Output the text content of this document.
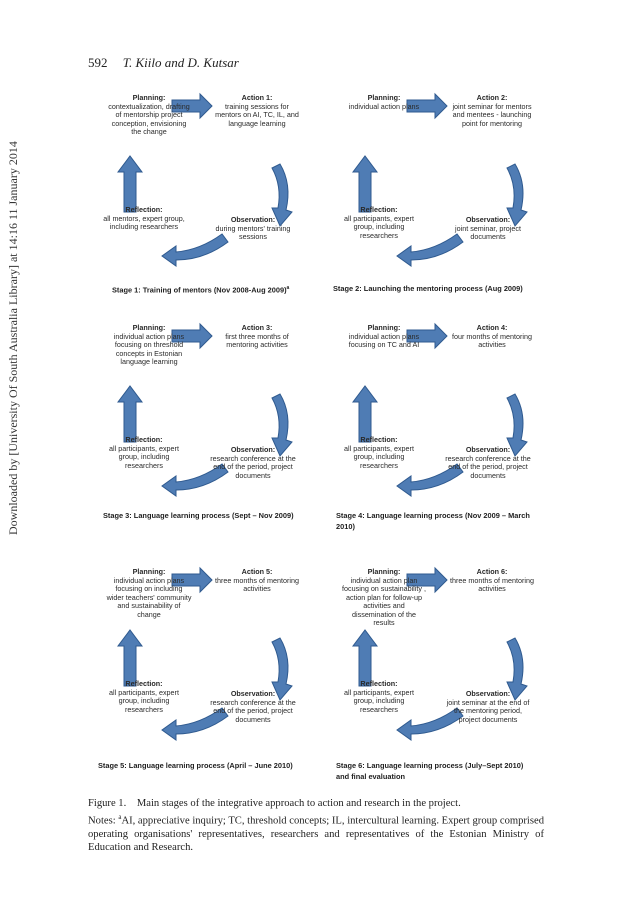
592 T. Kiilo and D. Kutsar
Downloaded by [University Of South Australia Library] at 14:16 11 January 2014
Planning:
contextualization, drafting of mentorship project conception, envisioning the change
Action 1:
training sessions for mentors on AI, TC, IL, and language learning
Observation:
during mentors' training sessions
Reflection:
all mentors, expert group, including researchers
Stage 1: Training of mentors (Nov 2008-Aug 2009)$^a$
Planning:
individual action plans
Action 2:
joint seminar for mentors and mentees - launching point for mentoring
Observation:
joint seminar, project documents
Reflection:
all participants, expert group, including researchers
Stage 2: Launching the mentoring process (Aug 2009)
Planning:
individual action plans focusing on threshold concepts in Estonian language learning
Action 3:
first three months of mentoring activities
Observation:
research conference at the end of the period, project documents
Reflection:
all participants, expert group, including researchers
Stage 3: Language learning process (Sept – Nov 2009)
Planning:
individual action plans focusing on TC and AI
Action 4:
four months of mentoring activities
Observation:
research conference at the end of the period, project documents
Reflection:
all participants, expert group, including researchers
Stage 4: Language learning process (Nov 2009 – March 2010)
Planning:
individual action plans focusing on including wider teachers' community and sustainability of change
Action 5:
three months of mentoring activities
Observation:
research conference at the end of the period, project documents
Reflection:
all participants, expert group, including researchers
Stage 5: Language learning process (April – June 2010)
Planning:
individual action plan focusing on sustainability , action plan for follow-up activities and dissemination of the results
Action 6:
three months of mentoring activities
Observation:
joint seminar at the end of the mentoring period, project documents
Reflection:
all participants, expert group, including researchers
Stage 6: Language learning process (July–Sept 2010) and final evaluation
Figure 1. Main stages of the integrative approach to action and research in the project.
Notes: $^a$AI, appreciative inquiry; TC, threshold concepts; IL, intercultural learning. Expert group comprised operating organisations' representatives, researchers and representatives of the Estonian Ministry of Education and Research.
